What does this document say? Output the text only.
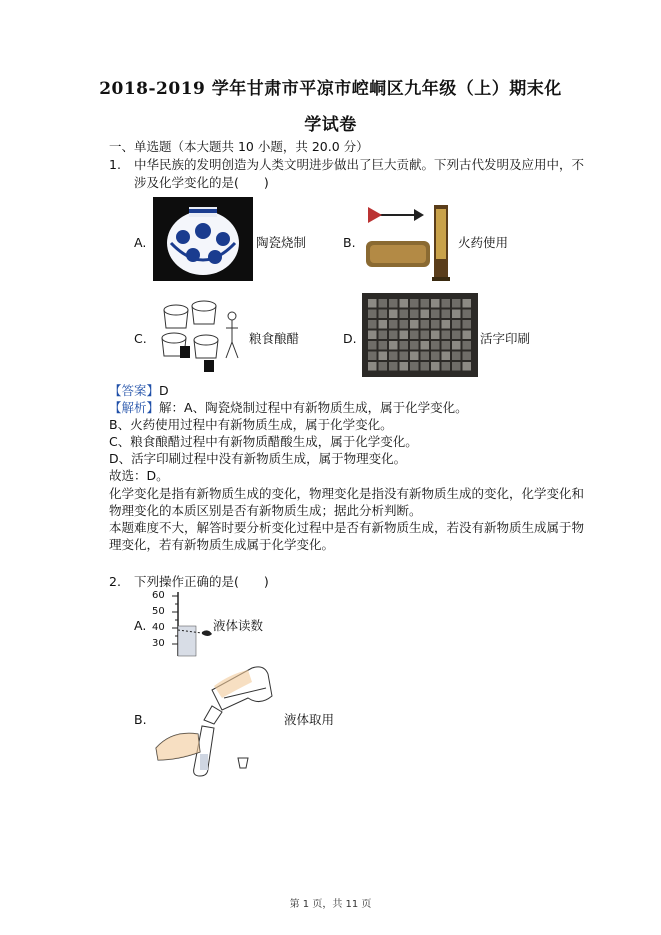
2018-2019 学年甘肃市平凉市崆峒区九年级（上）期末化
学试卷
一、单选题（本大题共 10 小题，共 20.0 分）
1. 中华民族的发明创造为人类文明进步做出了巨大贡献。下列古代发明及应用中，不
涉及化学变化的是(　　)
A.	陶瓷烧制	B.	火药使用
C.	粮食酿醋	D.	活字印刷
【答案】D
【解析】解：A、陶瓷烧制过程中有新物质生成，属于化学变化。
B、火药使用过程中有新物质生成，属于化学变化。
C、粮食酿醋过程中有新物质醋酸生成，属于化学变化。
D、活字印刷过程中没有新物质生成，属于物理变化。
故选：D。
化学变化是指有新物质生成的变化，物理变化是指没有新物质生成的变化，化学变化和
物理变化的本质区别是否有新物质生成；据此分析判断。
本题难度不大，解答时要分析变化过程中是否有新物质生成，若没有新物质生成属于物
理变化，若有新物质生成属于化学变化。
2. 下列操作正确的是(　　)
A.
60
50
40
30
液体读数
B.	液体取用
第 1 页，共 11 页
